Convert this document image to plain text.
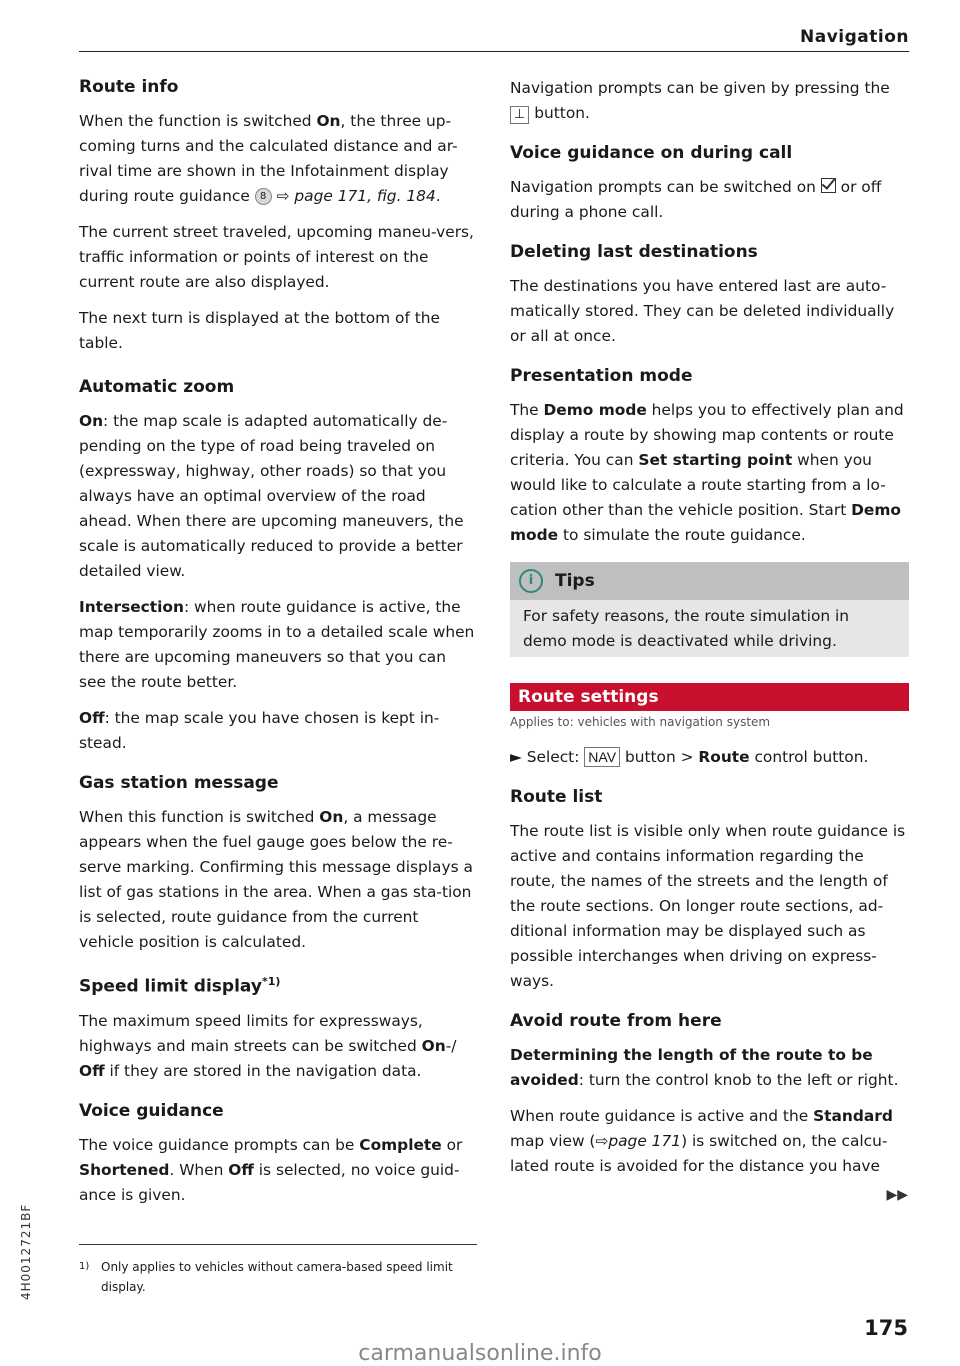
Navigation
Route info

When the function is switched On, the three up-coming turns and the calculated distance and ar-rival time are shown in the Infotainment display during route guidance 8 ⇨ page 171, fig. 184.

The current street traveled, upcoming maneu-vers, traffic information or points of interest on the current route are also displayed.

The next turn is displayed at the bottom of the table.

Automatic zoom

On: the map scale is adapted automatically de-pending on the type of road being traveled on (expressway, highway, other roads) so that you always have an optimal overview of the road ahead. When there are upcoming maneuvers, the scale is automatically reduced to provide a better detailed view.

Intersection: when route guidance is active, the map temporarily zooms in to a detailed scale when there are upcoming maneuvers so that you can see the route better.

Off: the map scale you have chosen is kept in-stead.

Gas station message

When this function is switched On, a message appears when the fuel gauge goes below the re-serve marking. Confirming this message displays a list of gas stations in the area. When a gas sta-tion is selected, route guidance from the current vehicle position is calculated.

Speed limit display$^{*1)}$

The maximum speed limits for expressways, highways and main streets can be switched On-/ Off if they are stored in the navigation data.

Voice guidance

The voice guidance prompts can be Complete or Shortened. When Off is selected, no voice guid-ance is given.

1) Only applies to vehicles without camera-based speed limit display.

Navigation prompts can be given by pressing the ⊥ button.

Voice guidance on during call

Navigation prompts can be switched on  or off during a phone call.

Deleting last destinations

The destinations you have entered last are auto-matically stored. They can be deleted individually or all at once.

Presentation mode

The Demo mode helps you to effectively plan and display a route by showing map contents or route criteria. You can Set starting point when you would like to calculate a route starting from a lo-cation other than the vehicle position. Start Demo mode to simulate the route guidance.

i	Tips
For safety reasons, the route simulation in demo mode is deactivated while driving.
Route settings
Applies to: vehicles with navigation system

► Select: NAV button > Route control button.

Route list

The route list is visible only when route guidance is active and contains information regarding the route, the names of the streets and the length of the route sections. On longer route sections, ad-ditional information may be displayed such as possible interchanges when driving on express-ways.

Avoid route from here

Determining the length of the route to be avoided: turn the control knob to the left or right.

When route guidance is active and the Standard map view (⇨page 171) is switched on, the calcu-lated route is avoided for the distance you have

▶▶
175
4H0012721BF
carmanualsonline.info
